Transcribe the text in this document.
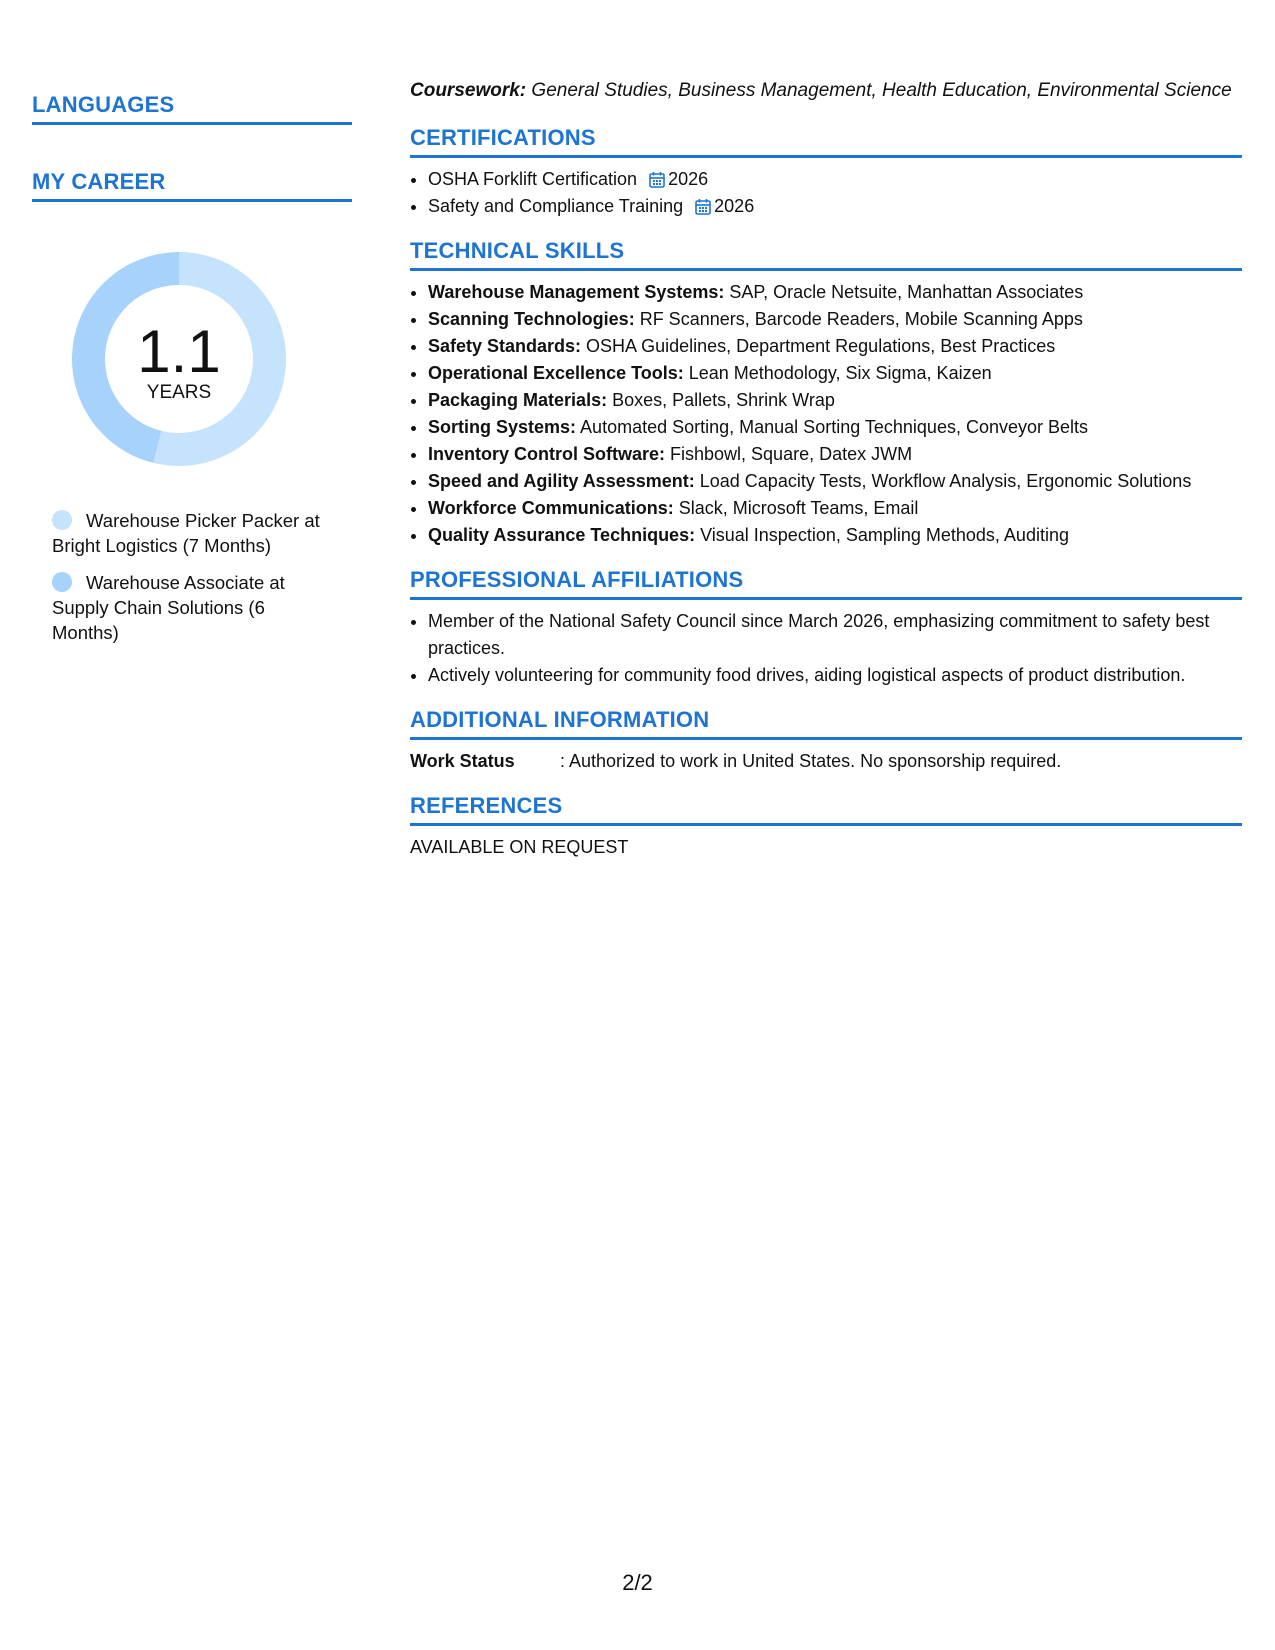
LANGUAGES
MY CAREER
1.1
YEARS
Warehouse Picker Packer at Bright Logistics (7 Months)
Warehouse Associate at Supply Chain Solutions (6 Months)

Coursework: General Studies, Business Management, Health Education, Environmental Science

CERTIFICATIONS
• OSHA Forklift Certification 2026
• Safety and Compliance Training 2026
TECHNICAL SKILLS
• Warehouse Management Systems: SAP, Oracle Netsuite, Manhattan Associates
• Scanning Technologies: RF Scanners, Barcode Readers, Mobile Scanning Apps
• Safety Standards: OSHA Guidelines, Department Regulations, Best Practices
• Operational Excellence Tools: Lean Methodology, Six Sigma, Kaizen
• Packaging Materials: Boxes, Pallets, Shrink Wrap
• Sorting Systems: Automated Sorting, Manual Sorting Techniques, Conveyor Belts
• Inventory Control Software: Fishbowl, Square, Datex JWM
• Speed and Agility Assessment: Load Capacity Tests, Workflow Analysis, Ergonomic Solutions
• Workforce Communications: Slack, Microsoft Teams, Email
• Quality Assurance Techniques: Visual Inspection, Sampling Methods, Auditing
PROFESSIONAL AFFILIATIONS
• Member of the National Safety Council since March 2026, emphasizing commitment to safety best practices.
• Actively volunteering for community food drives, aiding logistical aspects of product distribution.
ADDITIONAL INFORMATION

Work Status	: Authorized to work in United States. No sponsorship required.

REFERENCES

AVAILABLE ON REQUEST

2/2
